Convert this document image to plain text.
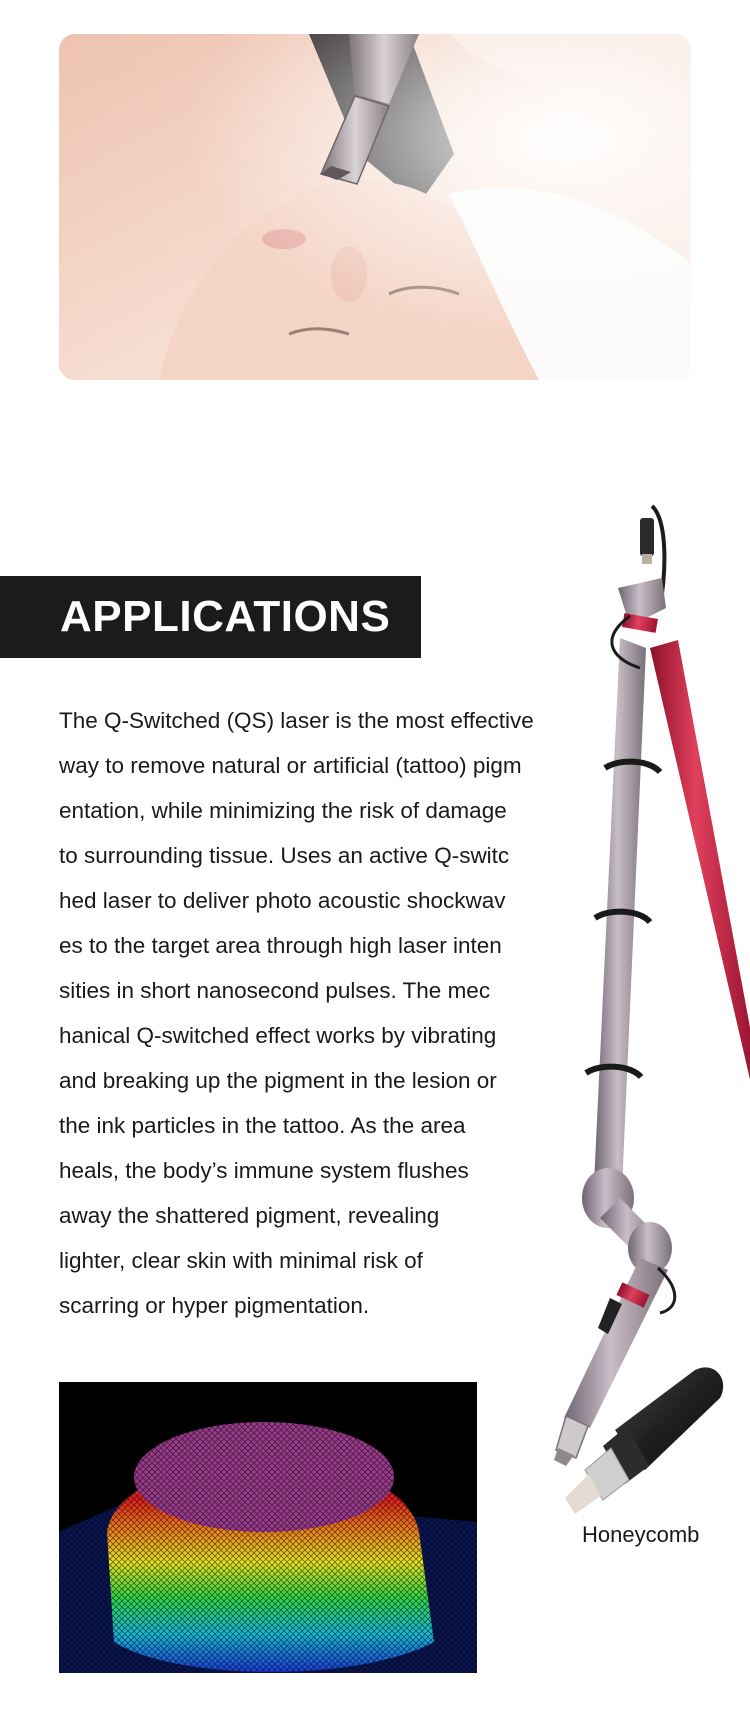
APPLICATIONS

The Q-Switched (QS) laser is the most effective
way to remove natural or artificial (tattoo) pigm
entation, while minimizing the risk of damage
to surrounding tissue. Uses an active Q-switc
hed laser to deliver photo acoustic shockwav
es to the target area through high laser inten
sities in short nanosecond pulses. The mec
hanical Q-switched effect works by vibrating
and breaking up the pigment in the lesion or
the ink particles in the tattoo. As the area
heals, the body’s immune system flushes
away the shattered pigment, revealing
lighter, clear skin with minimal risk of
scarring or hyper pigmentation.

Honeycomb
